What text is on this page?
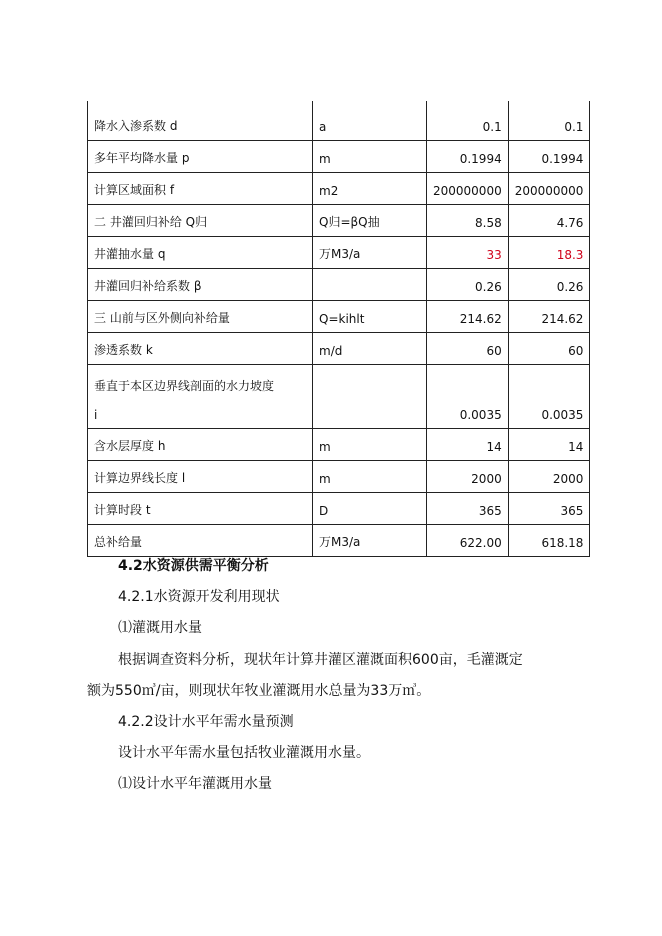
降水入渗系数 d	a	0.1	0.1
多年平均降水量 p	m	0.1994	0.1994
计算区域面积 f	m2	200000000	200000000
二 井灌回归补给 Q归	Q归=βQ抽	8.58	4.76
井灌抽水量 q	万M3/a	33	18.3
井灌回归补给系数 β		0.26	0.26
三 山前与区外侧向补给量	Q=kihlt	214.62	214.62
渗透系数 k	m/d	60	60

垂直于本区边界线剖面的水力坡度
i		0.0035	0.0035
含水层厚度 h	m	14	14
计算边界线长度 l	m	2000	2000
计算时段 t	D	365	365
总补给量	万M3/a	622.00	618.18

4.2水资源供需平衡分析

4.2.1水资源开发利用现状

⑴灌溉用水量

根据调查资料分析，现状年计算井灌区灌溉面积600亩，毛灌溉定

额为550㎥/亩，则现状年牧业灌溉用水总量为33万㎥。

4.2.2设计水平年需水量预测

设计水平年需水量包括牧业灌溉用水量。

⑴设计水平年灌溉用水量
